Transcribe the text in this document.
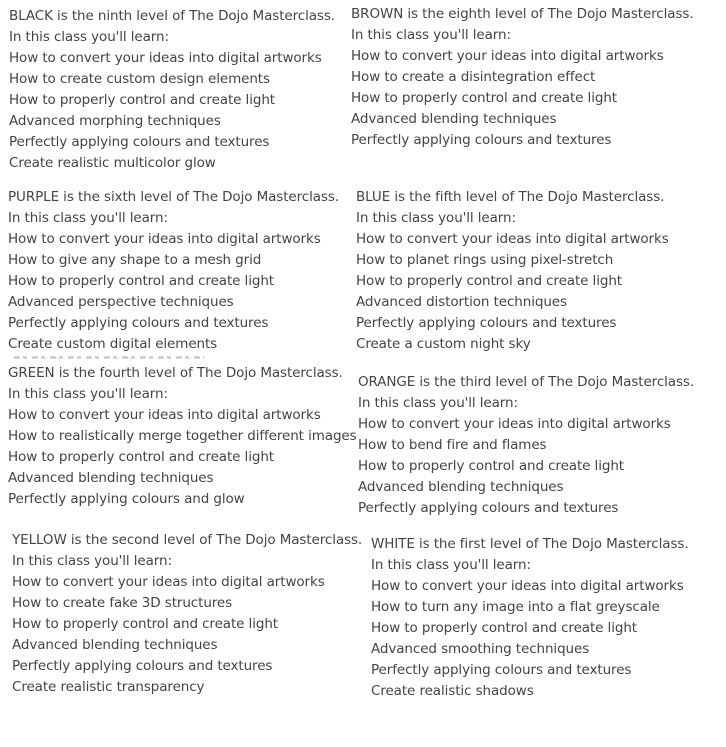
BLACK is the ninth level of The Dojo Masterclass.
In this class you'll learn:
How to convert your ideas into digital artworks
How to create custom design elements
How to properly control and create light
Advanced morphing techniques
Perfectly applying colours and textures
Create realistic multicolor glow
BROWN is the eighth level of The Dojo Masterclass.
In this class you'll learn:
How to convert your ideas into digital artworks
How to create a disintegration effect
How to properly control and create light
Advanced blending techniques
Perfectly applying colours and textures
PURPLE is the sixth level of The Dojo Masterclass.
In this class you'll learn:
How to convert your ideas into digital artworks
How to give any shape to a mesh grid
How to properly control and create light
Advanced perspective techniques
Perfectly applying colours and textures
Create custom digital elements
BLUE is the fifth level of The Dojo Masterclass.
In this class you'll learn:
How to convert your ideas into digital artworks
How to planet rings using pixel-stretch
How to properly control and create light
Advanced distortion techniques
Perfectly applying colours and textures
Create a custom night sky
GREEN is the fourth level of The Dojo Masterclass.
In this class you'll learn:
How to convert your ideas into digital artworks
How to realistically merge together different images
How to properly control and create light
Advanced blending techniques
Perfectly applying colours and glow
ORANGE is the third level of The Dojo Masterclass.
In this class you'll learn:
How to convert your ideas into digital artworks
How to bend fire and flames
How to properly control and create light
Advanced blending techniques
Perfectly applying colours and textures
YELLOW is the second level of The Dojo Masterclass.
In this class you'll learn:
How to convert your ideas into digital artworks
How to create fake 3D structures
How to properly control and create light
Advanced blending techniques
Perfectly applying colours and textures
Create realistic transparency
WHITE is the first level of The Dojo Masterclass.
In this class you'll learn:
How to convert your ideas into digital artworks
How to turn any image into a flat greyscale
How to properly control and create light
Advanced smoothing techniques
Perfectly applying colours and textures
Create realistic shadows
